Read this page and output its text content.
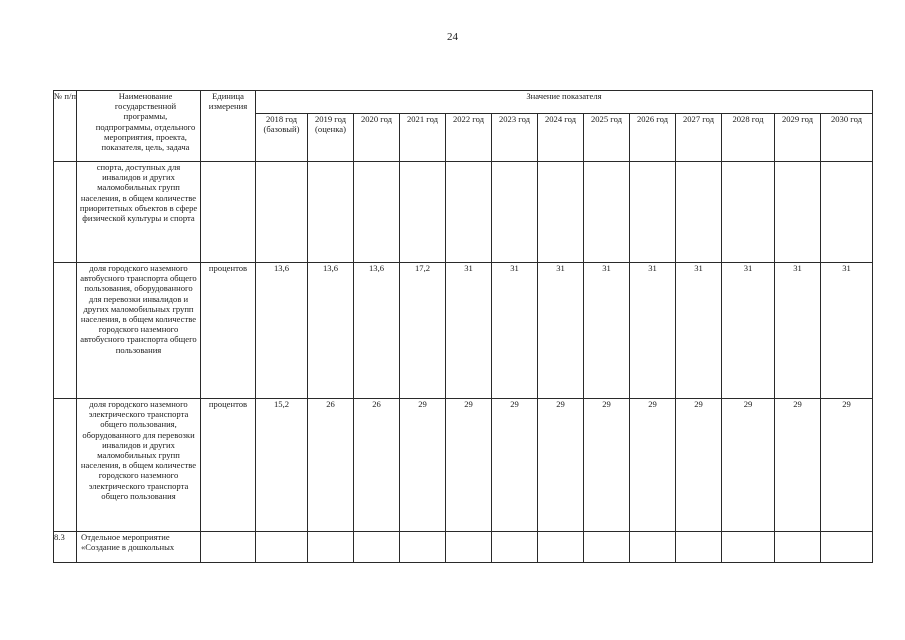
24
№ п/п	Наименование государственной программы, подпрограммы, отдельного мероприятия, проекта, показателя, цель, задача	Единица измерения	Значение показателя												
			2018 год (базовый)	2019 год (оценка)	2020 год	2021 год	2022 год	2023 год	2024 год	2025 год	2026 год	2027 год	2028 год	2029 год	2030 год
	спорта, доступных для инвалидов и других маломобильных групп населения, в общем количестве приоритетных объектов в сфере физической культуры и спорта														
	доля городского наземного автобусного транспорта общего пользования, оборудованного для перевозки инвалидов и других маломобильных групп населения, в общем количестве городского наземного автобусного транспорта общего пользования	процентов	13,6	13,6	13,6	17,2	31	31	31	31	31	31	31	31	31
	доля городского наземного электрического транспорта общего пользования, оборудованного для перевозки инвалидов и других маломобильных групп населения, в общем количестве городского наземного электрического транспорта общего пользования	процентов	15,2	26	26	29	29	29	29	29	29	29	29	29	29
8.3	Отдельное мероприятие «Создание в дошкольных														
